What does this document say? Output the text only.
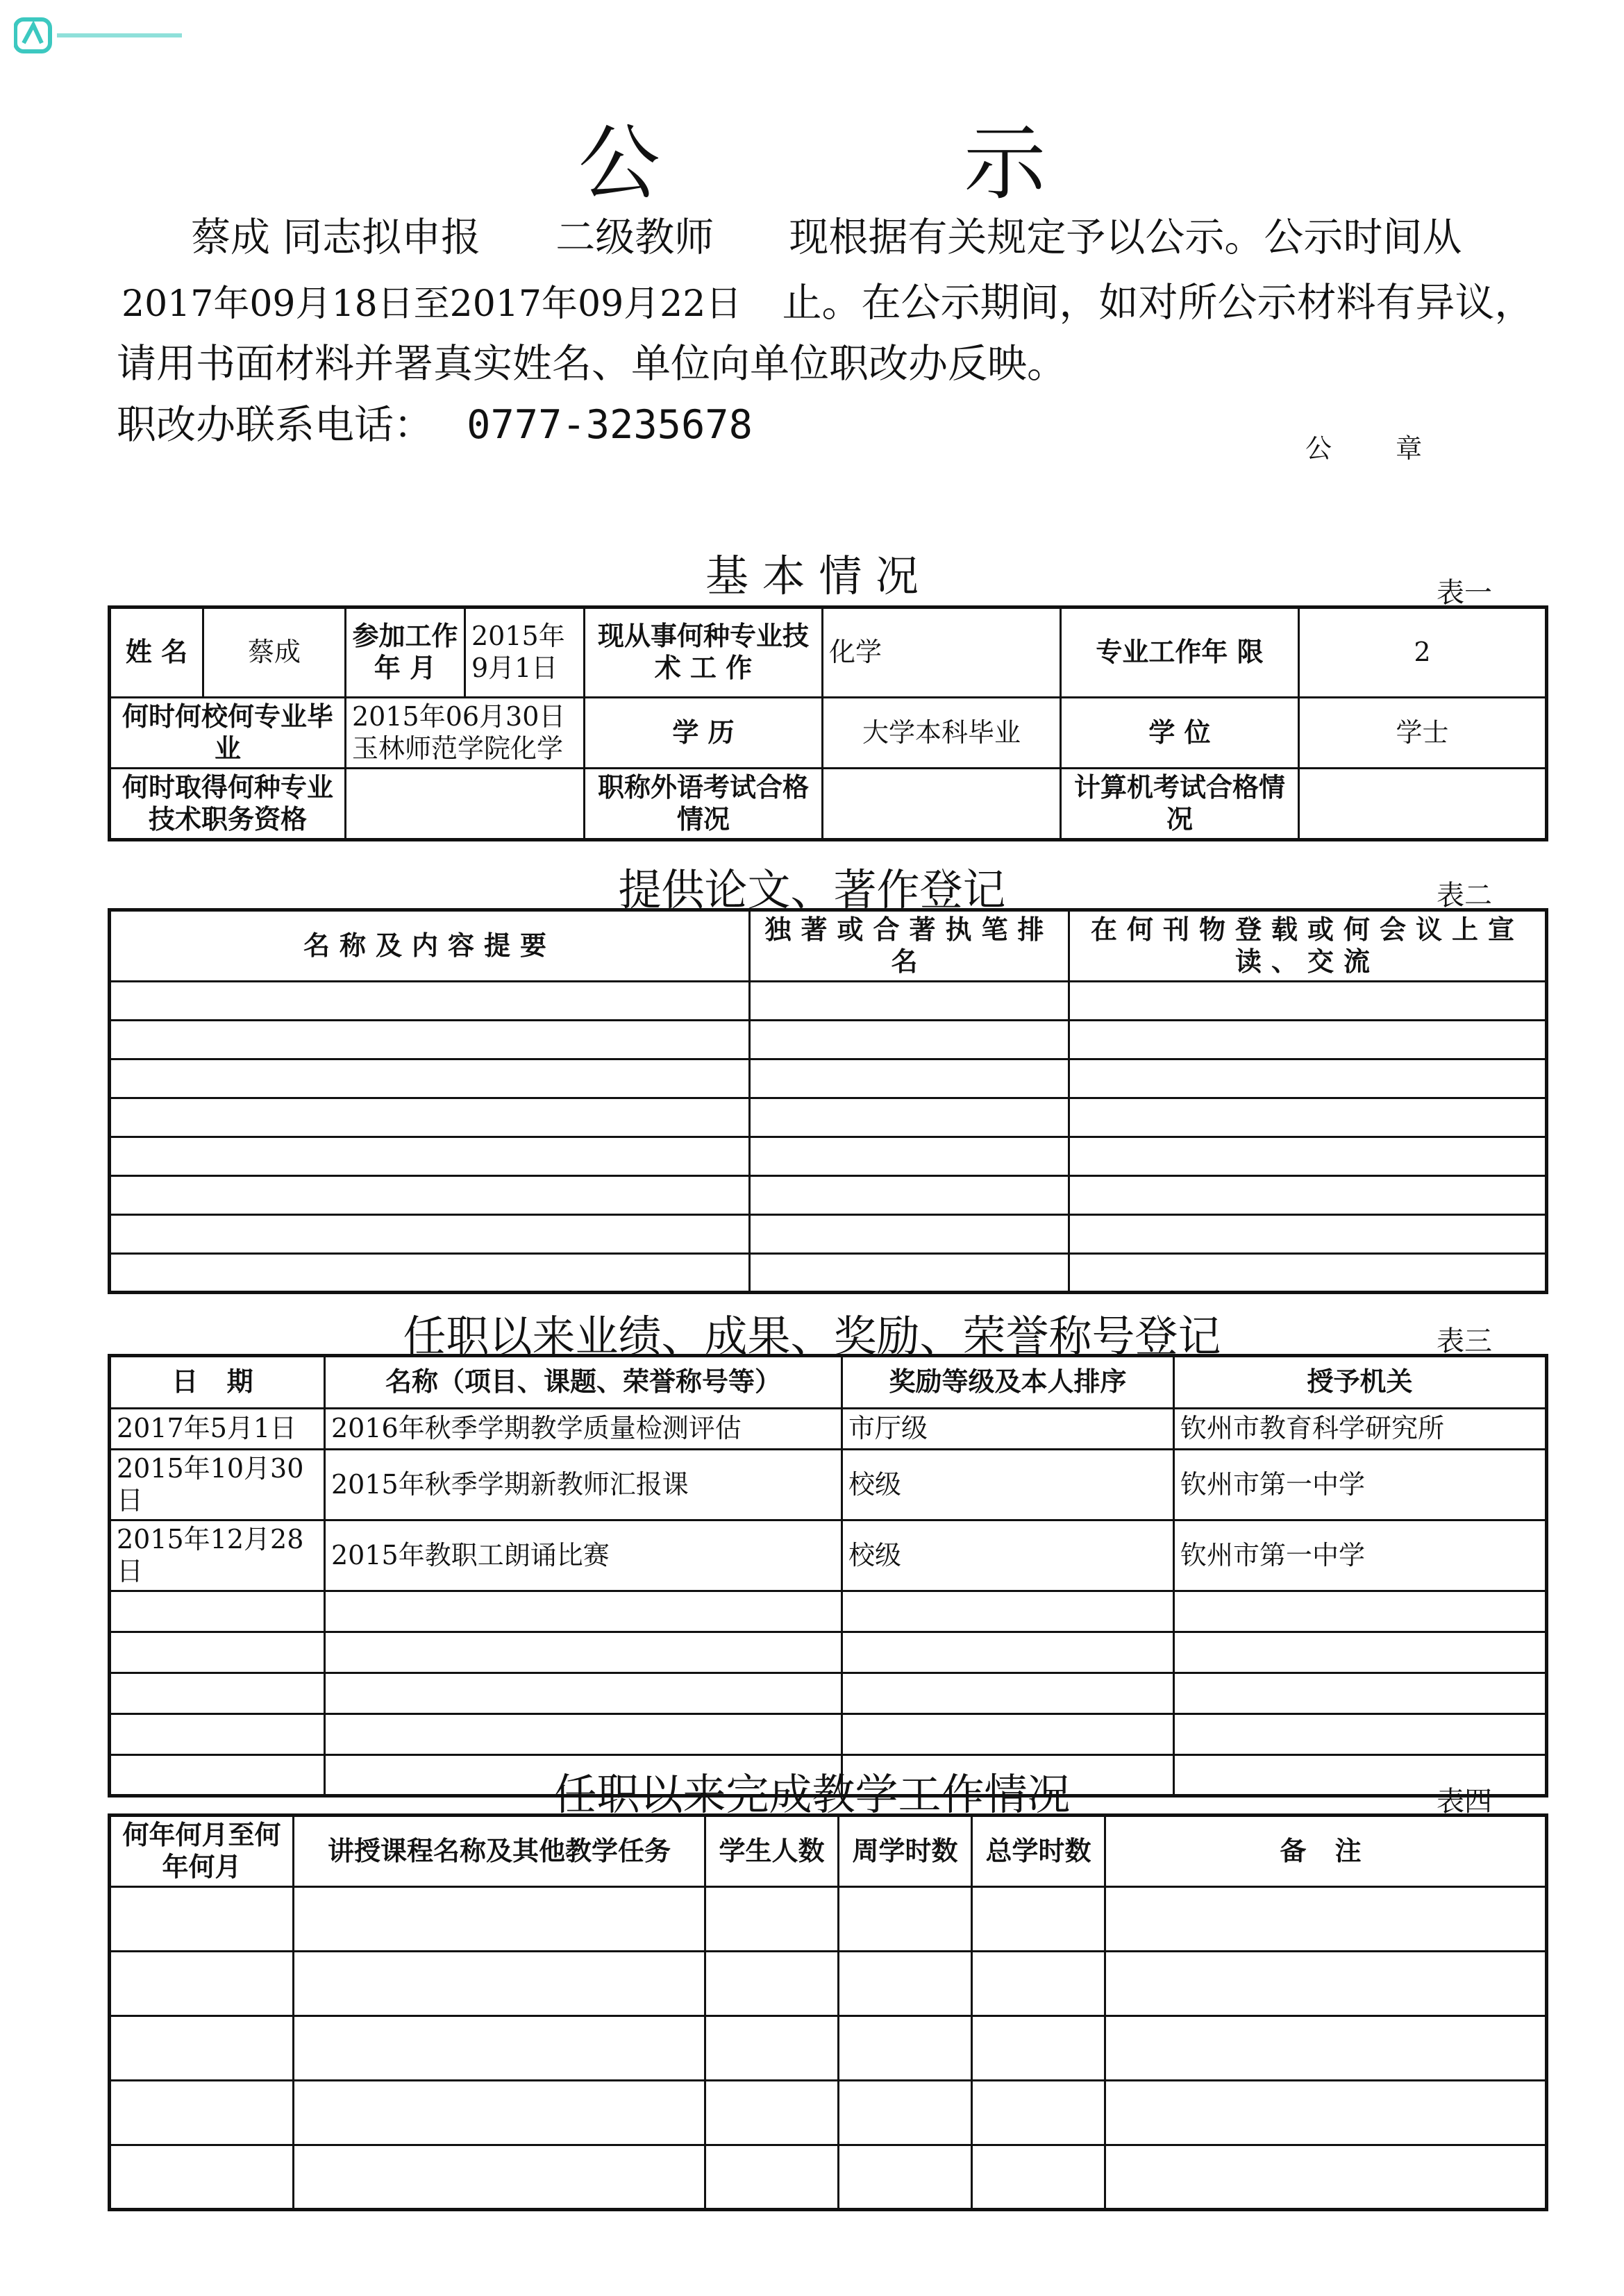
公 示
蔡成 同志拟申报 二级教师 现根据有关规定予以公示。公示时间从
2017年09月18日至2017年09月22日 止。在公示期间，如对所公示材料有异议，
请用书面材料并署真实姓名、单位向单位职改办反映。
职改办联系电话： 0777-3235678
公 章
基 本 情 况	表一
姓 名	蔡成	参加工作年 月	2015年9月1日	现从事何种专业技 术 工 作	化学	专业工作年 限	2
何时何校何专业毕 业		2015年06月30日玉林师范学院化学		学 历	大学本科毕业	学 位	学士
何时取得何种专业技术职务资格				职称外语考试合格情况		计算机考试合格情况	
提供论文、著作登记	表二
名称及内容提要	独著或合著执笔排名	在何刊物登载或何会议上宣读、交流

任职以来业绩、成果、奖励、荣誉称号登记	表三
日 期	名称（项目、课题、荣誉称号等）	奖励等级及本人排序	授予机关
2017年5月1日	2016年秋季学期教学质量检测评估	市厅级	钦州市教育科学研究所
2015年10月30日	2015年秋季学期新教师汇报课	校级	钦州市第一中学
2015年12月28日	2015年教职工朗诵比赛	校级	钦州市第一中学

任职以来完成教学工作情况	表四
何年何月至何年何月	讲授课程名称及其他教学任务	学生人数	周学时数	总学时数	备 注
